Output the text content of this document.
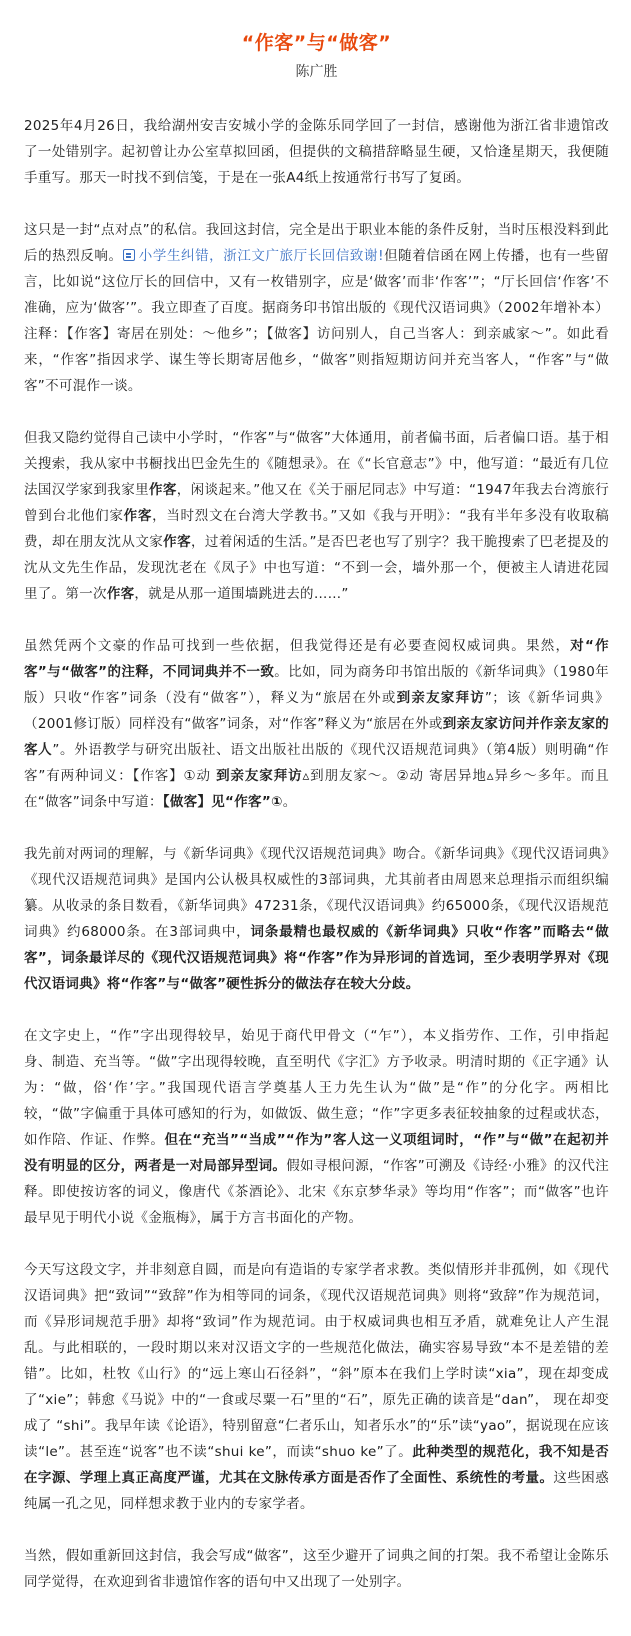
“作客”与“做客”
陈广胜

2025年4月26日，我给湖州安吉安城小学的金陈乐同学回了一封信，感谢他为浙江省非遗馆改了一处错别字。起初曾让办公室草拟回函，但提供的文稿措辞略显生硬，又恰逢星期天，我便随手重写。那天一时找不到信笺，于是在一张A4纸上按通常行书写了复函。

这只是一封“点对点”的私信。我回这封信，完全是出于职业本能的条件反射，当时压根没料到此后的热烈反响。 小学生纠错，浙江文广旅厅长回信致谢!但随着信函在网上传播，也有一些留言，比如说“这位厅长的回信中，又有一枚错别字，应是‘做客’而非‘作客’”；“厅长回信‘作客’不准确，应为‘做客’”。我立即查了百度。据商务印书馆出版的《现代汉语词典》（2002年增补本）注释：【作客】寄居在别处：～他乡”；【做客】访问别人，自己当客人：到亲戚家～”。如此看来，“作客”指因求学、谋生等长期寄居他乡，“做客”则指短期访问并充当客人，“作客”与“做客”不可混作一谈。

但我又隐约觉得自己读中小学时，“作客”与“做客”大体通用，前者偏书面，后者偏口语。基于相关搜索，我从家中书橱找出巴金先生的《随想录》。在《“长官意志”》中，他写道：“最近有几位法国汉学家到我家里作客，闲谈起来。”他又在《关于丽尼同志》中写道：“1947年我去台湾旅行曾到台北他们家作客，当时烈文在台湾大学教书。”又如《我与开明》：“我有半年多没有收取稿费，却在朋友沈从文家作客，过着闲适的生活。”是否巴老也写了别字？我干脆搜索了巴老提及的沈从文先生作品，发现沈老在《凤子》中也写道：“不到一会，墙外那一个，便被主人请进花园里了。第一次作客，就是从那一道围墙跳进去的……”

虽然凭两个文豪的作品可找到一些依据，但我觉得还是有必要查阅权威词典。果然，对“作客”与“做客”的注释，不同词典并不一致。比如，同为商务印书馆出版的《新华词典》（1980年版）只收“作客”词条（没有“做客”），释义为“旅居在外或到亲友家拜访”；该《新华词典》（2001修订版）同样没有“做客”词条，对“作客”释义为“旅居在外或到亲友家访问并作亲友家的客人”。外语教学与研究出版社、语文出版社出版的《现代汉语规范词典》（第4版）则明确“作客”有两种词义：【作客】①动 到亲友家拜访▵到朋友家～。②动 寄居异地▵异乡～多年。而且在“做客”词条中写道：【做客】见“作客”①。

我先前对两词的理解，与《新华词典》《现代汉语规范词典》吻合。《新华词典》《现代汉语词典》《现代汉语规范词典》是国内公认极具权威性的3部词典，尤其前者由周恩来总理指示而组织编纂。从收录的条目数看，《新华词典》47231条，《现代汉语词典》约65000条，《现代汉语规范词典》约68000条。在3部词典中，词条最精也最权威的《新华词典》只收“作客”而略去“做客”，词条最详尽的《现代汉语规范词典》将“作客”作为异形词的首选词，至少表明学界对《现代汉语词典》将“作客”与“做客”硬性拆分的做法存在较大分歧。

在文字史上，“作”字出现得较早，始见于商代甲骨文（“乍”），本义指劳作、工作，引申指起身、制造、充当等。“做”字出现得较晚，直至明代《字汇》方予收录。明清时期的《正字通》认为：“做，俗‘作’字。”我国现代语言学奠基人王力先生认为“做”是“作”的分化字。两相比较，“做”字偏重于具体可感知的行为，如做饭、做生意；“作”字更多表征较抽象的过程或状态，如作陪、作证、作弊。但在“充当”“当成”“作为”客人这一义项组词时，“作”与“做”在起初并没有明显的区分，两者是一对局部异型词。假如寻根问源，“作客”可溯及《诗经·小雅》的汉代注释。即使按访客的词义，像唐代《茶酒论》、北宋《东京梦华录》等均用“作客”；而“做客”也许最早见于明代小说《金瓶梅》，属于方言书面化的产物。

今天写这段文字，并非刻意自圆，而是向有造诣的专家学者求教。类似情形并非孤例，如《现代汉语词典》把“致词”“致辞”作为相等同的词条，《现代汉语规范词典》则将“致辞”作为规范词，而《异形词规范手册》却将“致词”作为规范词。由于权威词典也相互矛盾，就难免让人产生混乱。与此相联的，一段时期以来对汉语文字的一些规范化做法，确实容易导致“本不是差错的差错”。比如，杜牧《山行》的“远上寒山石径斜”，“斜”原本在我们上学时读“xia”，现在却变成了“xie”；韩愈《马说》中的“一食或尽粟一石”里的“石”，原先正确的读音是“dan”， 现在却变成了 “shi”。我早年读《论语》，特别留意“仁者乐山，知者乐水”的“乐”读“yao”，据说现在应该读“le”。甚至连“说客”也不读“shui ke”，而读“shuo ke”了。此种类型的规范化，我不知是否在字源、学理上真正高度严谨，尤其在文脉传承方面是否作了全面性、系统性的考量。这些困惑纯属一孔之见，同样想求教于业内的专家学者。

当然，假如重新回这封信，我会写成“做客”，这至少避开了词典之间的打架。我不希望让金陈乐同学觉得，在欢迎到省非遗馆作客的语句中又出现了一处别字。
